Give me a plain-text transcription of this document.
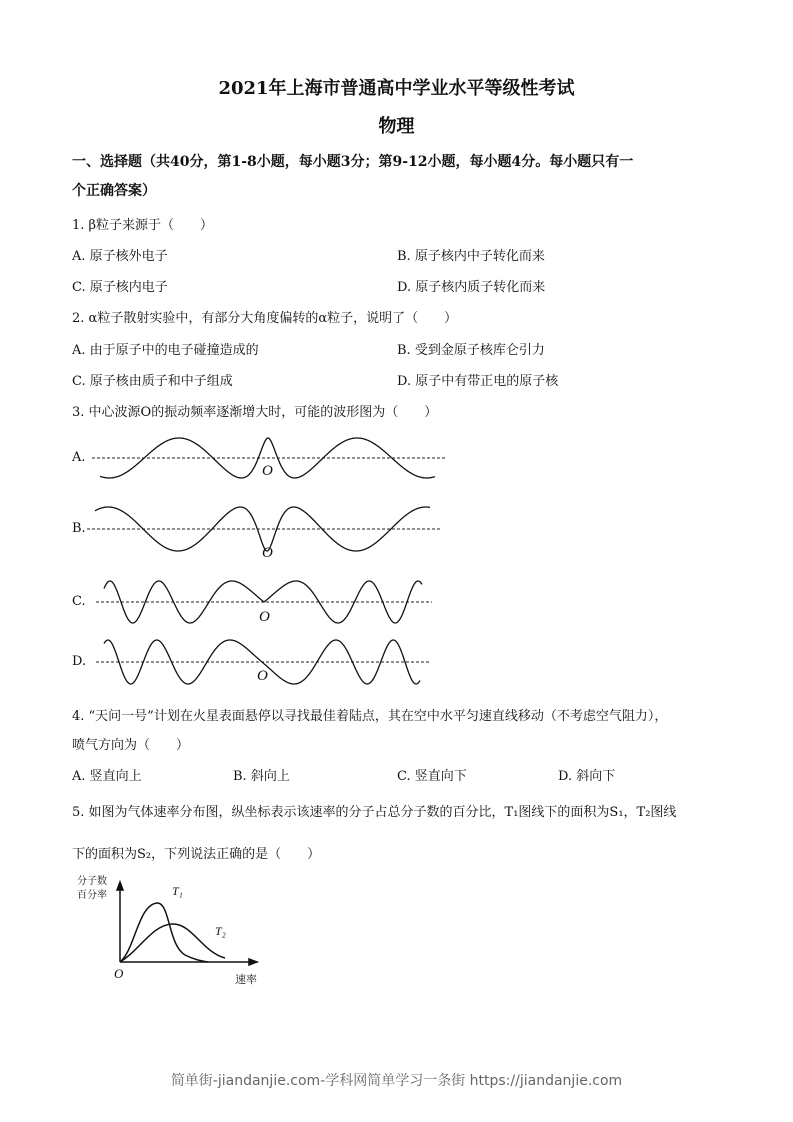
2021年上海市普通高中学业水平等级性考试
物理
一、选择题（共40分，第1-8小题，每小题3分；第9-12小题，每小题4分。每小题只有一
个正确答案）
1. β粒子来源于（　　）
A. 原子核外电子	B. 原子核内中子转化而来
C. 原子核内电子	D. 原子核内质子转化而来
2. α粒子散射实验中，有部分大角度偏转的α粒子，说明了（　　）
A. 由于原子中的电子碰撞造成的	B. 受到金原子核库仑引力
C. 原子核由质子和中子组成	D. 原子中有带正电的原子核
3. 中心波源O的振动频率逐渐增大时，可能的波形图为（　　）
A.
B.
C.
D.
O
O
O
O
4. “天问一号”计划在火星表面悬停以寻找最佳着陆点，其在空中水平匀速直线移动（不考虑空气阻力），
喷气方向为（　　）
A. 竖直向上	B. 斜向上	C. 竖直向下	D. 斜向下
5. 如图为气体速率分布图，纵坐标表示该速率的分子占总分子数的百分比，T₁图线下的面积为S₁，T₂图线
下的面积为S₂，下列说法正确的是（　　）
分子数
百分率	T₁
T₂
O	速率
简单街-jiandanjie.com-学科网简单学习一条街 https://jiandanjie.com
